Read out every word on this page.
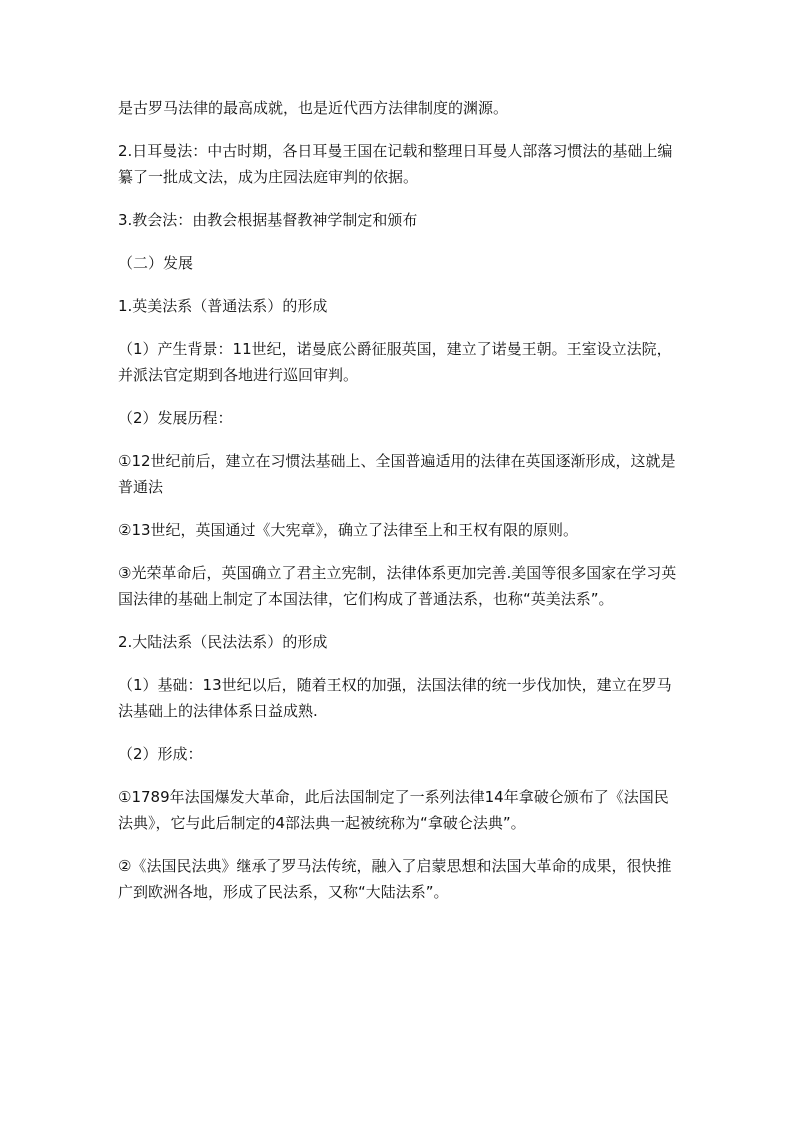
是古罗马法律的最高成就，也是近代西方法律制度的渊源。

2.日耳曼法：中古时期，各日耳曼王国在记载和整理日耳曼人部落习惯法的基础上编纂了一批成文法，成为庄园法庭审判的依据。

3.教会法：由教会根据基督教神学制定和颁布

（二）发展

1.英美法系（普通法系）的形成

（1）产生背景：11世纪，诺曼底公爵征服英国，建立了诺曼王朝。王室设立法院，并派法官定期到各地进行巡回审判。

（2）发展历程：

①12世纪前后，建立在习惯法基础上、全国普遍适用的法律在英国逐渐形成，这就是普通法

②13世纪，英国通过《大宪章》，确立了法律至上和王权有限的原则。

③光荣革命后，英国确立了君主立宪制，法律体系更加完善.美国等很多国家在学习英国法律的基础上制定了本国法律，它们构成了普通法系，也称“英美法系”。

2.大陆法系（民法法系）的形成

（1）基础：13世纪以后，随着王权的加强，法国法律的统一步伐加快，建立在罗马法基础上的法律体系日益成熟.

（2）形成：

①1789年法国爆发大革命，此后法国制定了一系列法律14年拿破仑颁布了《法国民法典》，它与此后制定的4部法典一起被统称为“拿破仑法典”。

②《法国民法典》继承了罗马法传统，融入了启蒙思想和法国大革命的成果，很快推广到欧洲各地，形成了民法系，又称“大陆法系”。
